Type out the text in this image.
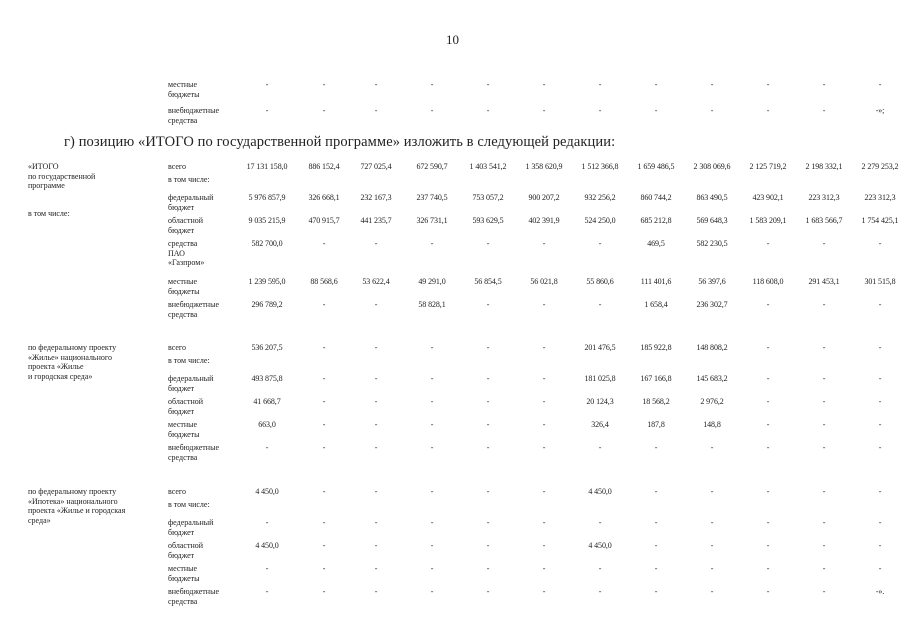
10
г) позицию «ИТОГО по государственной программе» изложить в следующей редакции:
местные
бюджеты
-	-	-	-	-	-	-	-	-	-	-	-
внебюджетные
средства
-	-	-	-	-	-	-	-	-	-	-	-»;
«ИТОГО
по государственной
программе
в том числе:
всего	17 131 158,0	886 152,4	727 025,4	672 590,7	1 403 541,2	1 358 620,9	1 512 366,8	1 659 486,5	2 308 069,6	2 125 719,2	2 198 332,1	2 279 253,2
в том числе:
федеральный
бюджет
5 976 857,9	326 668,1	232 167,3	237 740,5	753 057,2	900 207,2	932 256,2	860 744,2	863 490,5	423 902,1	223 312,3	223 312,3
областной
бюджет
9 035 215,9	470 915,7	441 235,7	326 731,1	593 629,5	402 391,9	524 250,0	685 212,8	569 648,3	1 583 209,1	1 683 566,7	1 754 425,1
средства
ПАО
«Газпром»
582 700,0	-	-	-	-	-	-	469,5	582 230,5	-	-	-
местные
бюджеты
1 239 595,0	88 568,6	53 622,4	49 291,0	56 854,5	56 021,8	55 860,6	111 401,6	56 397,6	118 608,0	291 453,1	301 515,8
внебюджетные
средства
296 789,2	-	-	58 828,1	-	-	-	1 658,4	236 302,7	-	-	-
по федеральному проекту
«Жилье» национального
проекта «Жилье
и городская среда»
всего	536 207,5	-	-	-	-	-	201 476,5	185 922,8	148 808,2	-	-	-
в том числе:
федеральный
бюджет
493 875,8	-	-	-	-	-	181 025,8	167 166,8	145 683,2	-	-	-
областной
бюджет
41 668,7	-	-	-	-	-	20 124,3	18 568,2	2 976,2	-	-	-
местные
бюджеты
663,0	-	-	-	-	-	326,4	187,8	148,8	-	-	-
внебюджетные
средства
-	-	-	-	-	-	-	-	-	-	-	-
по федеральному проекту
«Ипотека» национального
проекта «Жилье и городская
среда»
всего	4 450,0	-	-	-	-	-	4 450,0	-	-	-	-	-
в том числе:
федеральный
бюджет
-	-	-	-	-	-	-	-	-	-	-	-
областной
бюджет
4 450,0	-	-	-	-	-	4 450,0	-	-	-	-	-
местные
бюджеты
-	-	-	-	-	-	-	-	-	-	-	-
внебюджетные
средства
-	-	-	-	-	-	-	-	-	-	-	-».
